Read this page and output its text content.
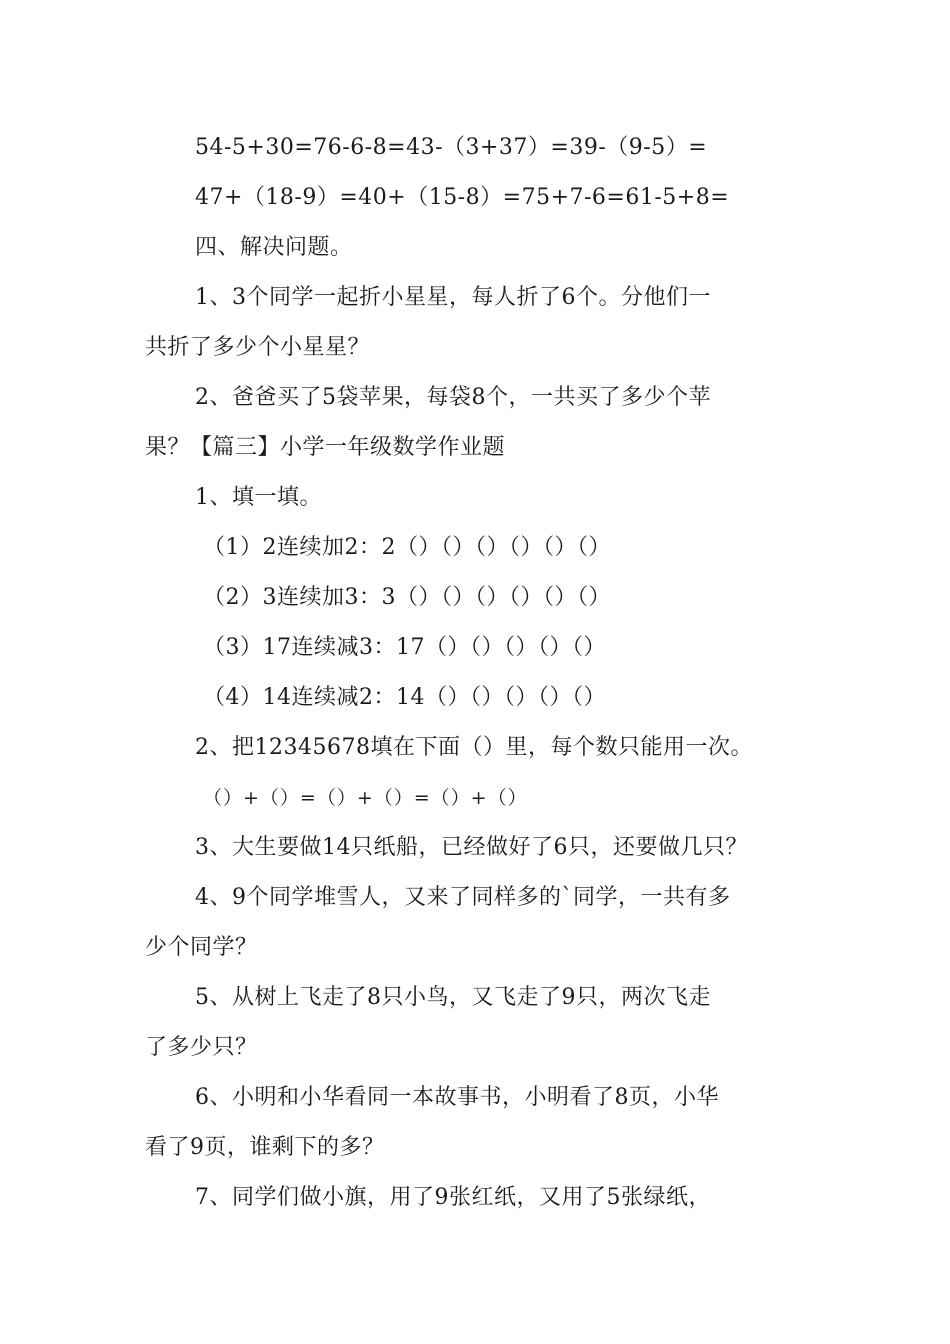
54-5+30=76-6-8=43-（3+37）=39-（9-5）=
47+（18-9）=40+（15-8）=75+7-6=61-5+8=
四、解决问题。
1、3个同学一起折小星星，每人折了6个。分他们一
共折了多少个小星星？
2、爸爸买了5袋苹果，每袋8个，一共买了多少个苹
果？【篇三】小学一年级数学作业题
1、填一填。
（1）2连续加2：2（）（）（）（）（）（）
（2）3连续加3：3（）（）（）（）（）（）
（3）17连续减3：17（）（）（）（）（）
（4）14连续减2：14（）（）（）（）（）
2、把12345678填在下面（）里，每个数只能用一次。
（）+（）=（）+（）=（）+（）
3、大生要做14只纸船，已经做好了6只，还要做几只？
4、9个同学堆雪人，又来了同样多的`同学，一共有多
少个同学？
5、从树上飞走了8只小鸟，又飞走了9只，两次飞走
了多少只？
6、小明和小华看同一本故事书，小明看了8页，小华
看了9页，谁剩下的多？
7、同学们做小旗，用了9张红纸，又用了5张绿纸，
